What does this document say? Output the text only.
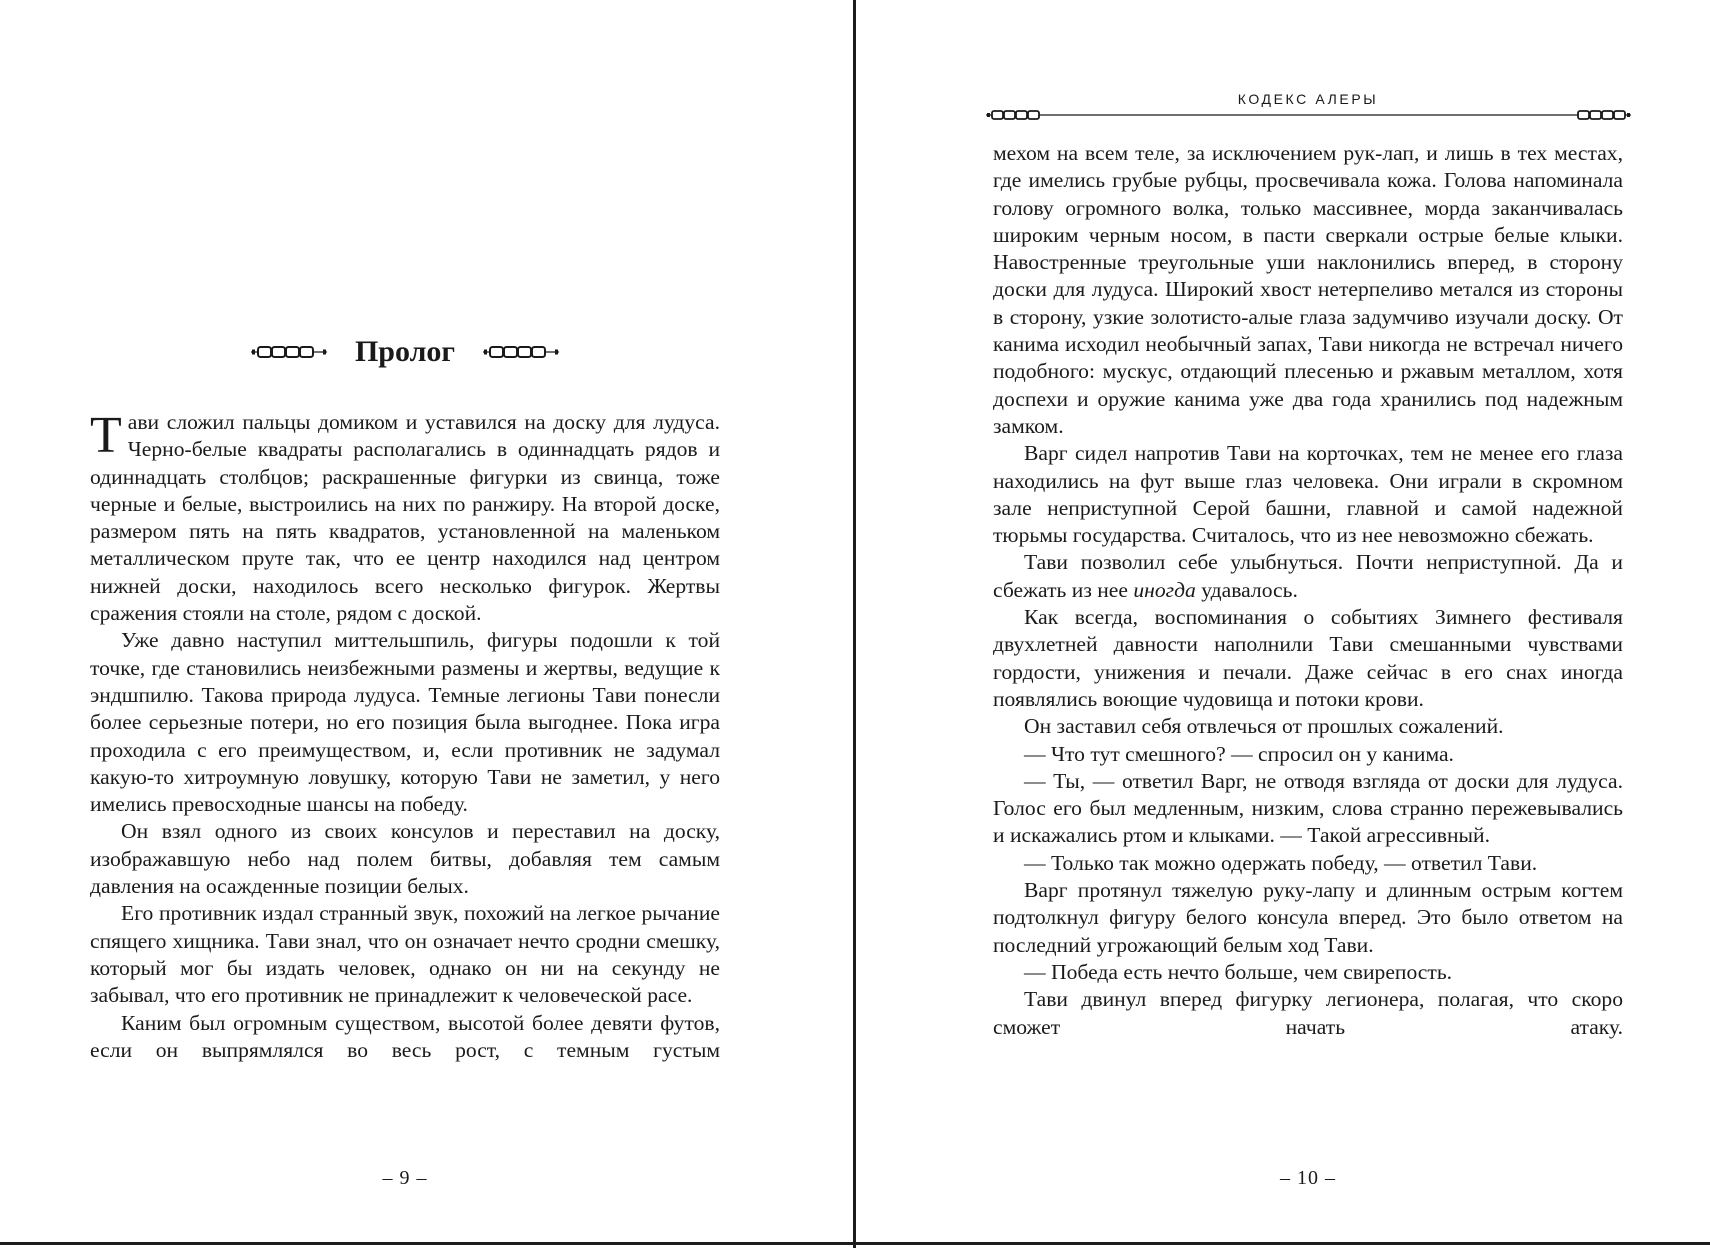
Пролог

Тави сложил пальцы домиком и уставился на доску для лудуса. Черно-белые квадраты располагались в одиннадцать рядов и одиннадцать столбцов; раскрашенные фигурки из свинца, тоже черные и белые, выстроились на них по ранжиру. На второй доске, размером пять на пять квадратов, установленной на маленьком металлическом пруте так, что ее центр находился над центром нижней доски, находилось всего несколько фигурок. Жертвы сражения стояли на столе, рядом с доской.

Уже давно наступил миттельшпиль, фигуры подошли к той точке, где становились неизбежными размены и жертвы, ведущие к эндшпилю. Такова природа лудуса. Темные легионы Тави понесли более серьезные потери, но его позиция была выгоднее. Пока игра проходила с его преимуществом, и, если противник не задумал какую-то хитроумную ловушку, которую Тави не заметил, у него имелись превосходные шансы на победу.

Он взял одного из своих консулов и переставил на доску, изображавшую небо над полем битвы, добавляя тем самым давления на осажденные позиции белых.

Его противник издал странный звук, похожий на легкое рычание спящего хищника. Тави знал, что он означает нечто сродни смешку, который мог бы издать человек, однако он ни на секунду не забывал, что его противник не принадлежит к человеческой расе.

Каним был огромным существом, высотой более девяти футов, если он выпрямлялся во весь рост, с темным густым

– 9 –
КОДЕКС АЛЕРЫ

мехом на всем теле, за исключением рук-лап, и лишь в тех местах, где имелись грубые рубцы, просвечивала кожа. Голова напоминала голову огромного волка, только массивнее, морда заканчивалась широким черным носом, в пасти сверкали острые белые клыки. Навостренные треугольные уши наклонились вперед, в сторону доски для лудуса. Широкий хвост нетерпеливо метался из стороны в сторону, узкие золотисто-алые глаза задумчиво изучали доску. От канима исходил необычный запах, Тави никогда не встречал ничего подобного: мускус, отдающий плесенью и ржавым металлом, хотя доспехи и оружие канима уже два года хранились под надежным замком.

Варг сидел напротив Тави на корточках, тем не менее его глаза находились на фут выше глаз человека. Они играли в скромном зале неприступной Серой башни, главной и самой надежной тюрьмы государства. Считалось, что из нее невозможно сбежать.

Тави позволил себе улыбнуться. Почти неприступной. Да и сбежать из нее иногда удавалось.

Как всегда, воспоминания о событиях Зимнего фестиваля двухлетней давности наполнили Тави смешанными чувствами гордости, унижения и печали. Даже сейчас в его снах иногда появлялись воющие чудовища и потоки крови.

Он заставил себя отвлечься от прошлых сожалений.

— Что тут смешного? — спросил он у канима.

— Ты, — ответил Варг, не отводя взгляда от доски для лудуса. Голос его был медленным, низким, слова странно пережевывались и искажались ртом и клыками. — Такой агрессивный.

— Только так можно одержать победу, — ответил Тави.

Варг протянул тяжелую руку-лапу и длинным острым когтем подтолкнул фигуру белого консула вперед. Это было ответом на последний угрожающий белым ход Тави.

— Победа есть нечто больше, чем свирепость.

Тави двинул вперед фигурку легионера, полагая, что скоро сможет начать атаку.

– 10 –
